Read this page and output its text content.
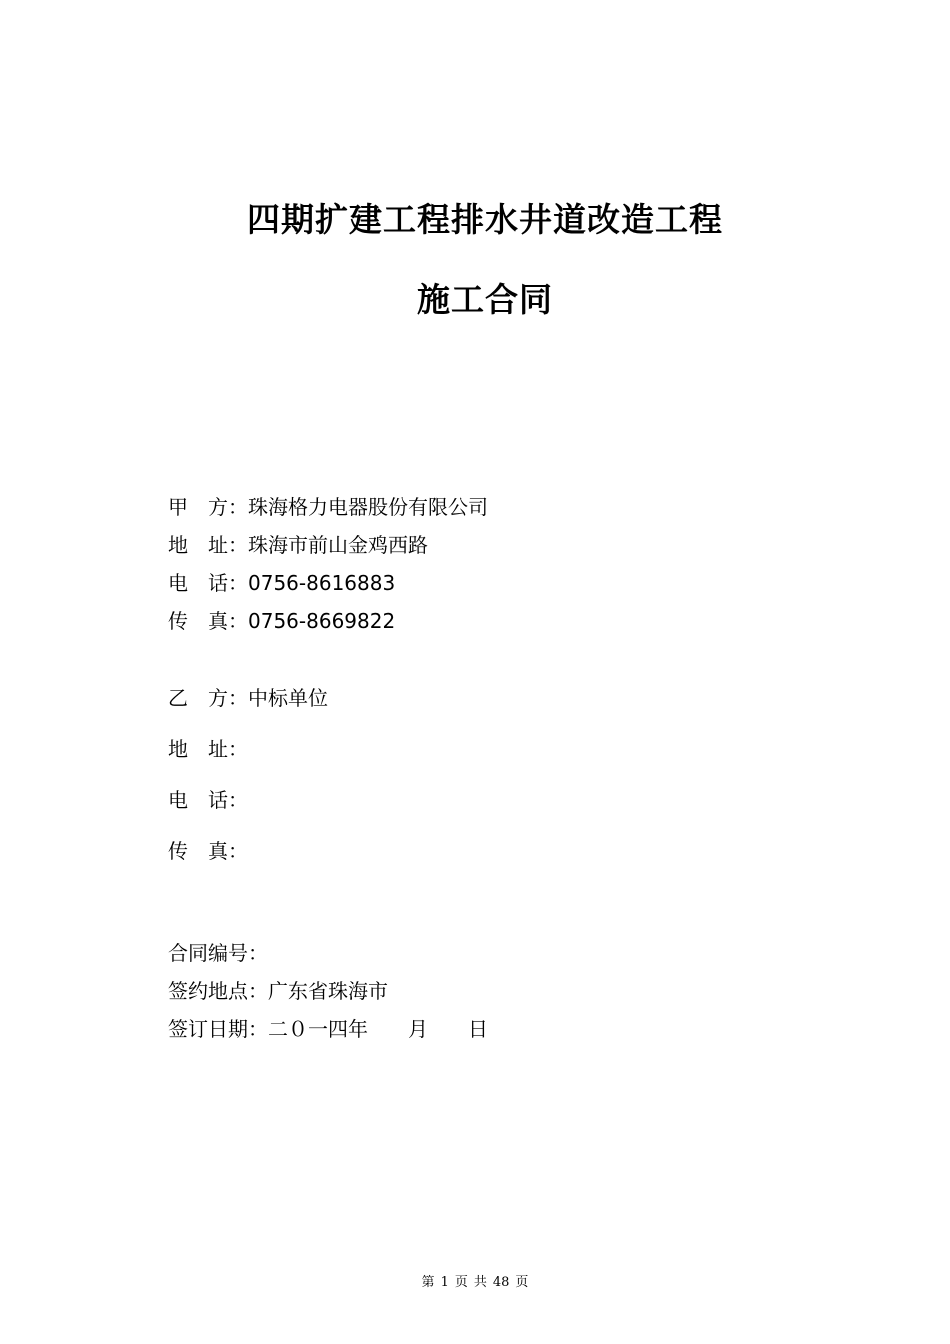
四期扩建工程排水井道改造工程
施工合同
甲　方：珠海格力电器股份有限公司
地　址：珠海市前山金鸡西路
电　话：0756-8616883
传　真：0756-8669822
乙　方：中标单位
地　址：
电　话：
传　真：
合同编号：
签约地点：广东省珠海市
签订日期：二０一四年　　月　　日
第 1 页 共 48 页
